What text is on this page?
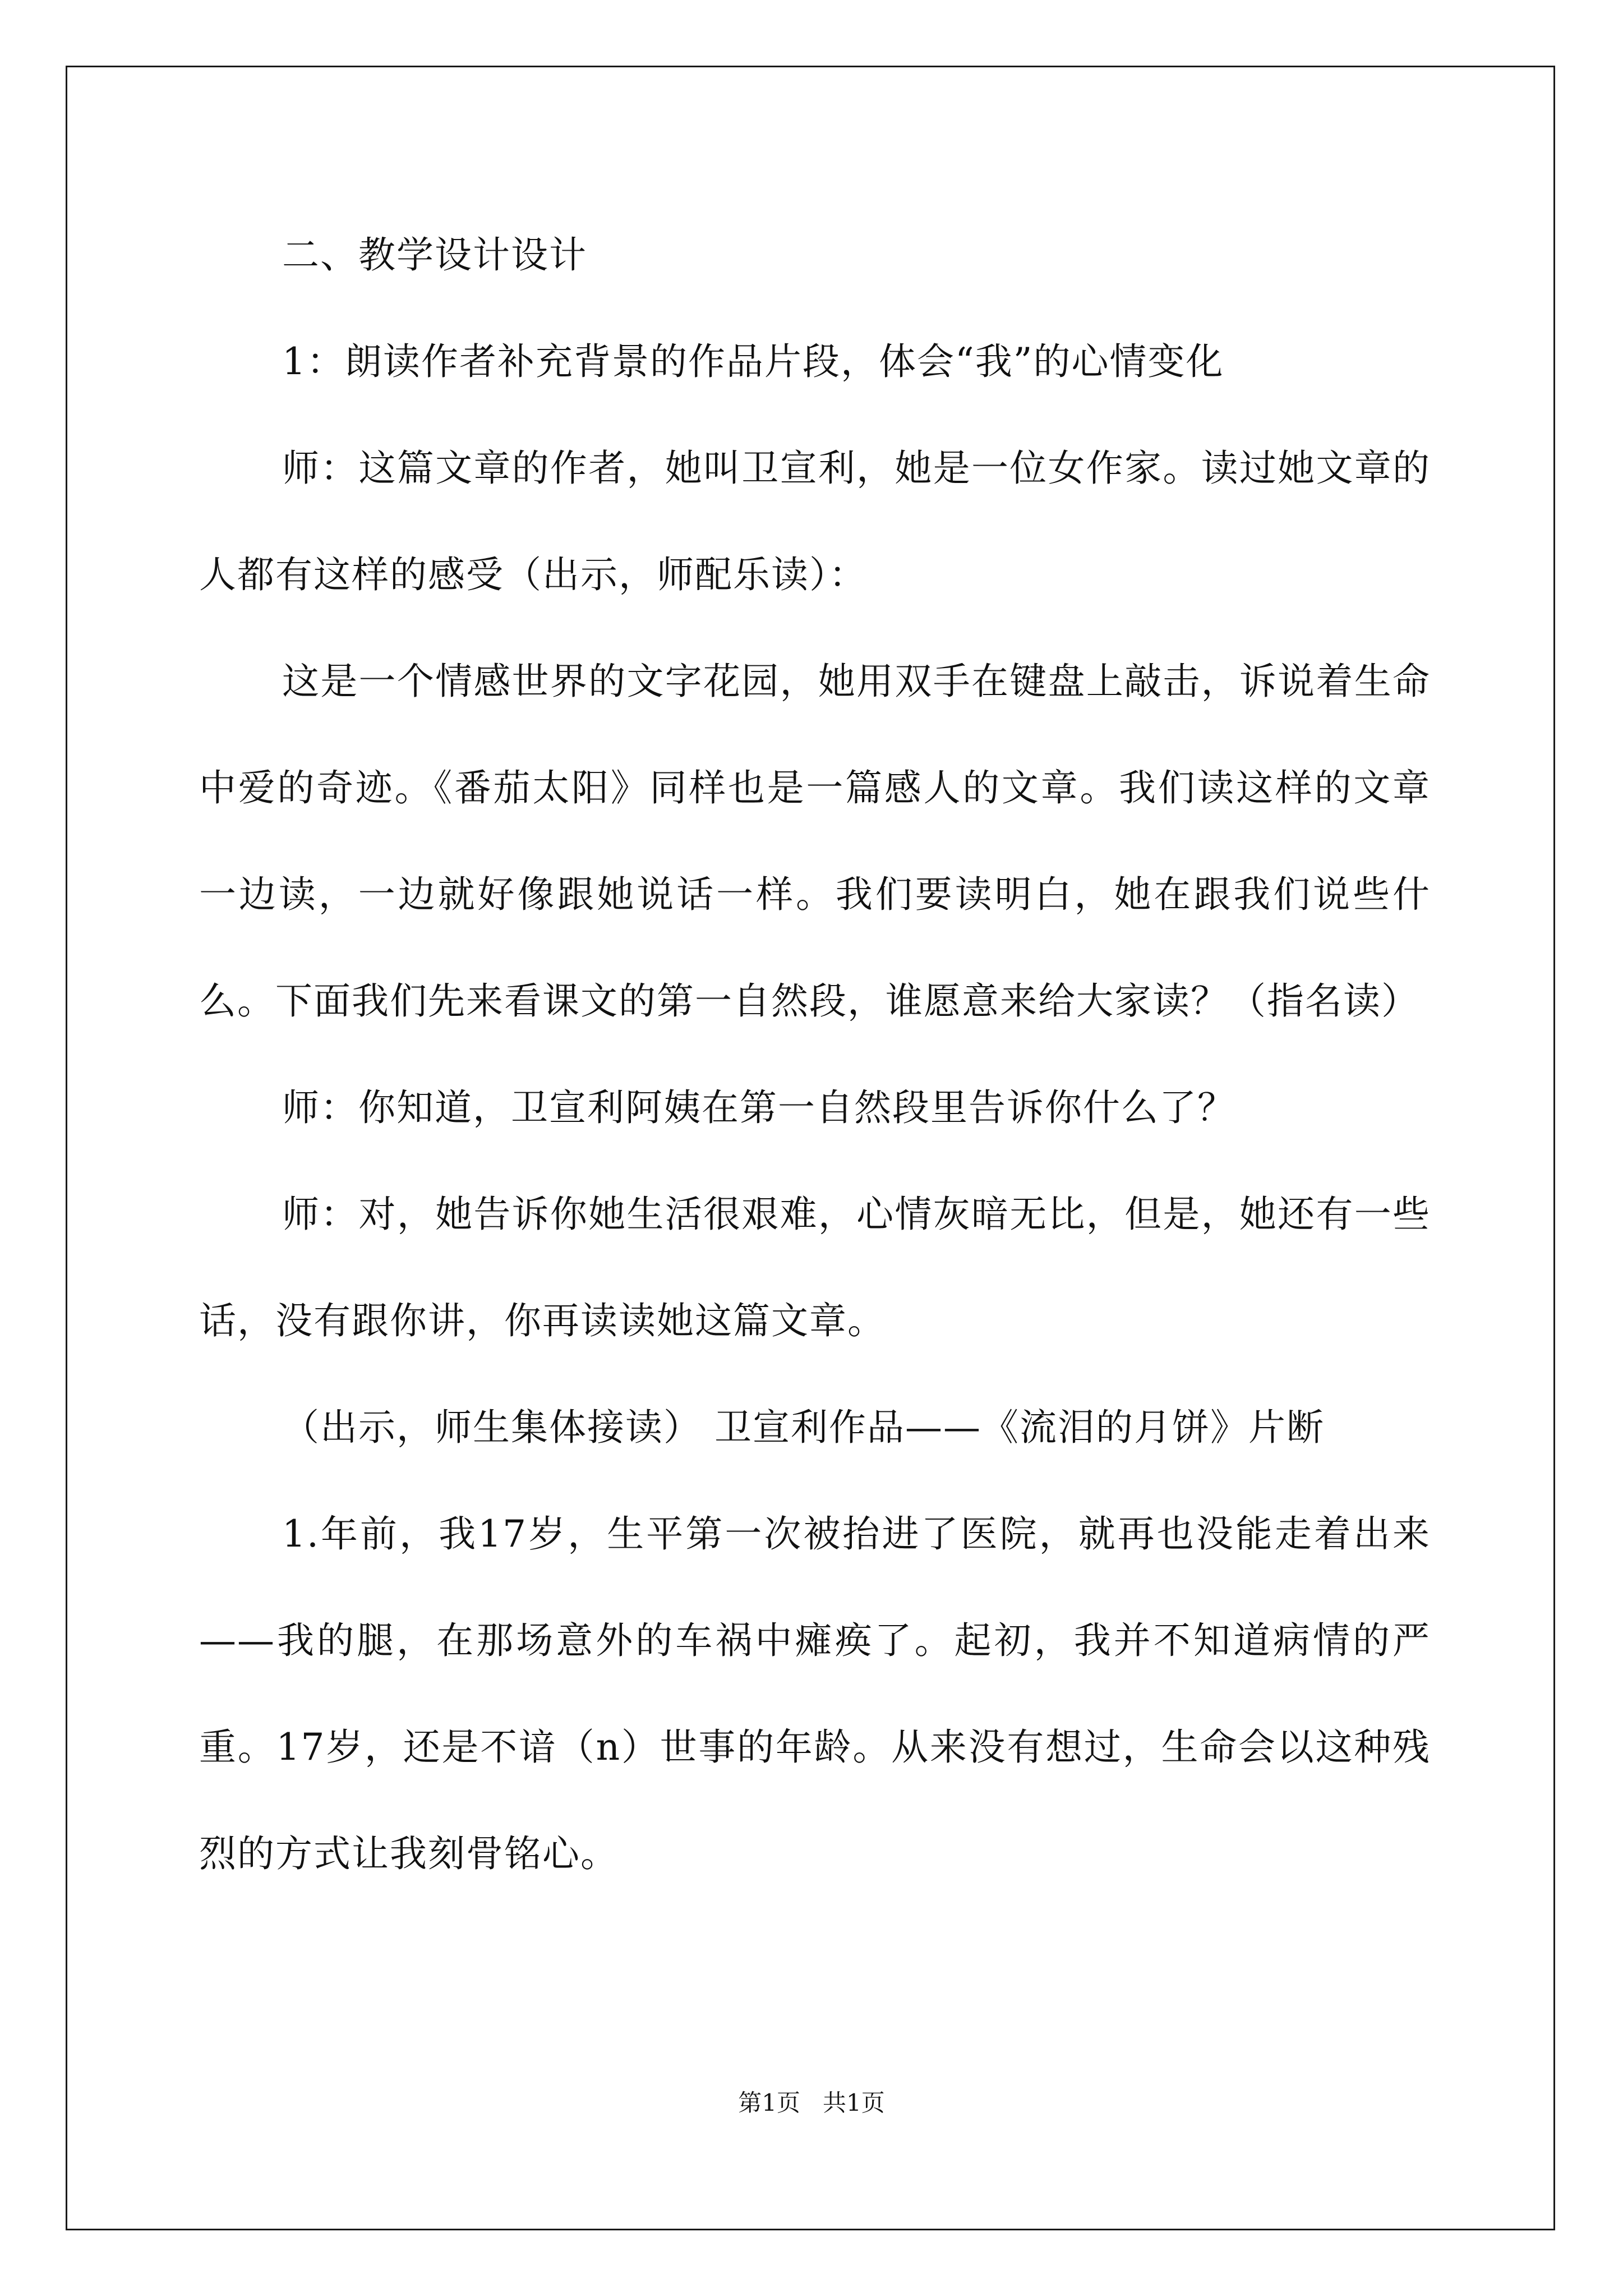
二、教学设计设计

1：朗读作者补充背景的作品片段，体会“我”的心情变化

师：这篇文章的作者，她叫卫宣利，她是一位女作家。读过她文章的人都有这样的感受（出示，师配乐读）：

这是一个情感世界的文字花园，她用双手在键盘上敲击，诉说着生命中爱的奇迹。《番茄太阳》同样也是一篇感人的文章。我们读这样的文章一边读，一边就好像跟她说话一样。我们要读明白，她在跟我们说些什么。下面我们先来看课文的第一自然段，谁愿意来给大家读？（指名读）

师：你知道，卫宣利阿姨在第一自然段里告诉你什么了？

师：对，她告诉你她生活很艰难，心情灰暗无比，但是，她还有一些话，没有跟你讲，你再读读她这篇文章。

（出示，师生集体接读） 卫宣利作品——《流泪的月饼》片断

1.年前，我17岁，生平第一次被抬进了医院，就再也没能走着出来——我的腿，在那场意外的车祸中瘫痪了。起初，我并不知道病情的严重。17岁，还是不谙（n）世事的年龄。从来没有想过，生命会以这种残烈的方式让我刻骨铭心。

第1页   共1页
